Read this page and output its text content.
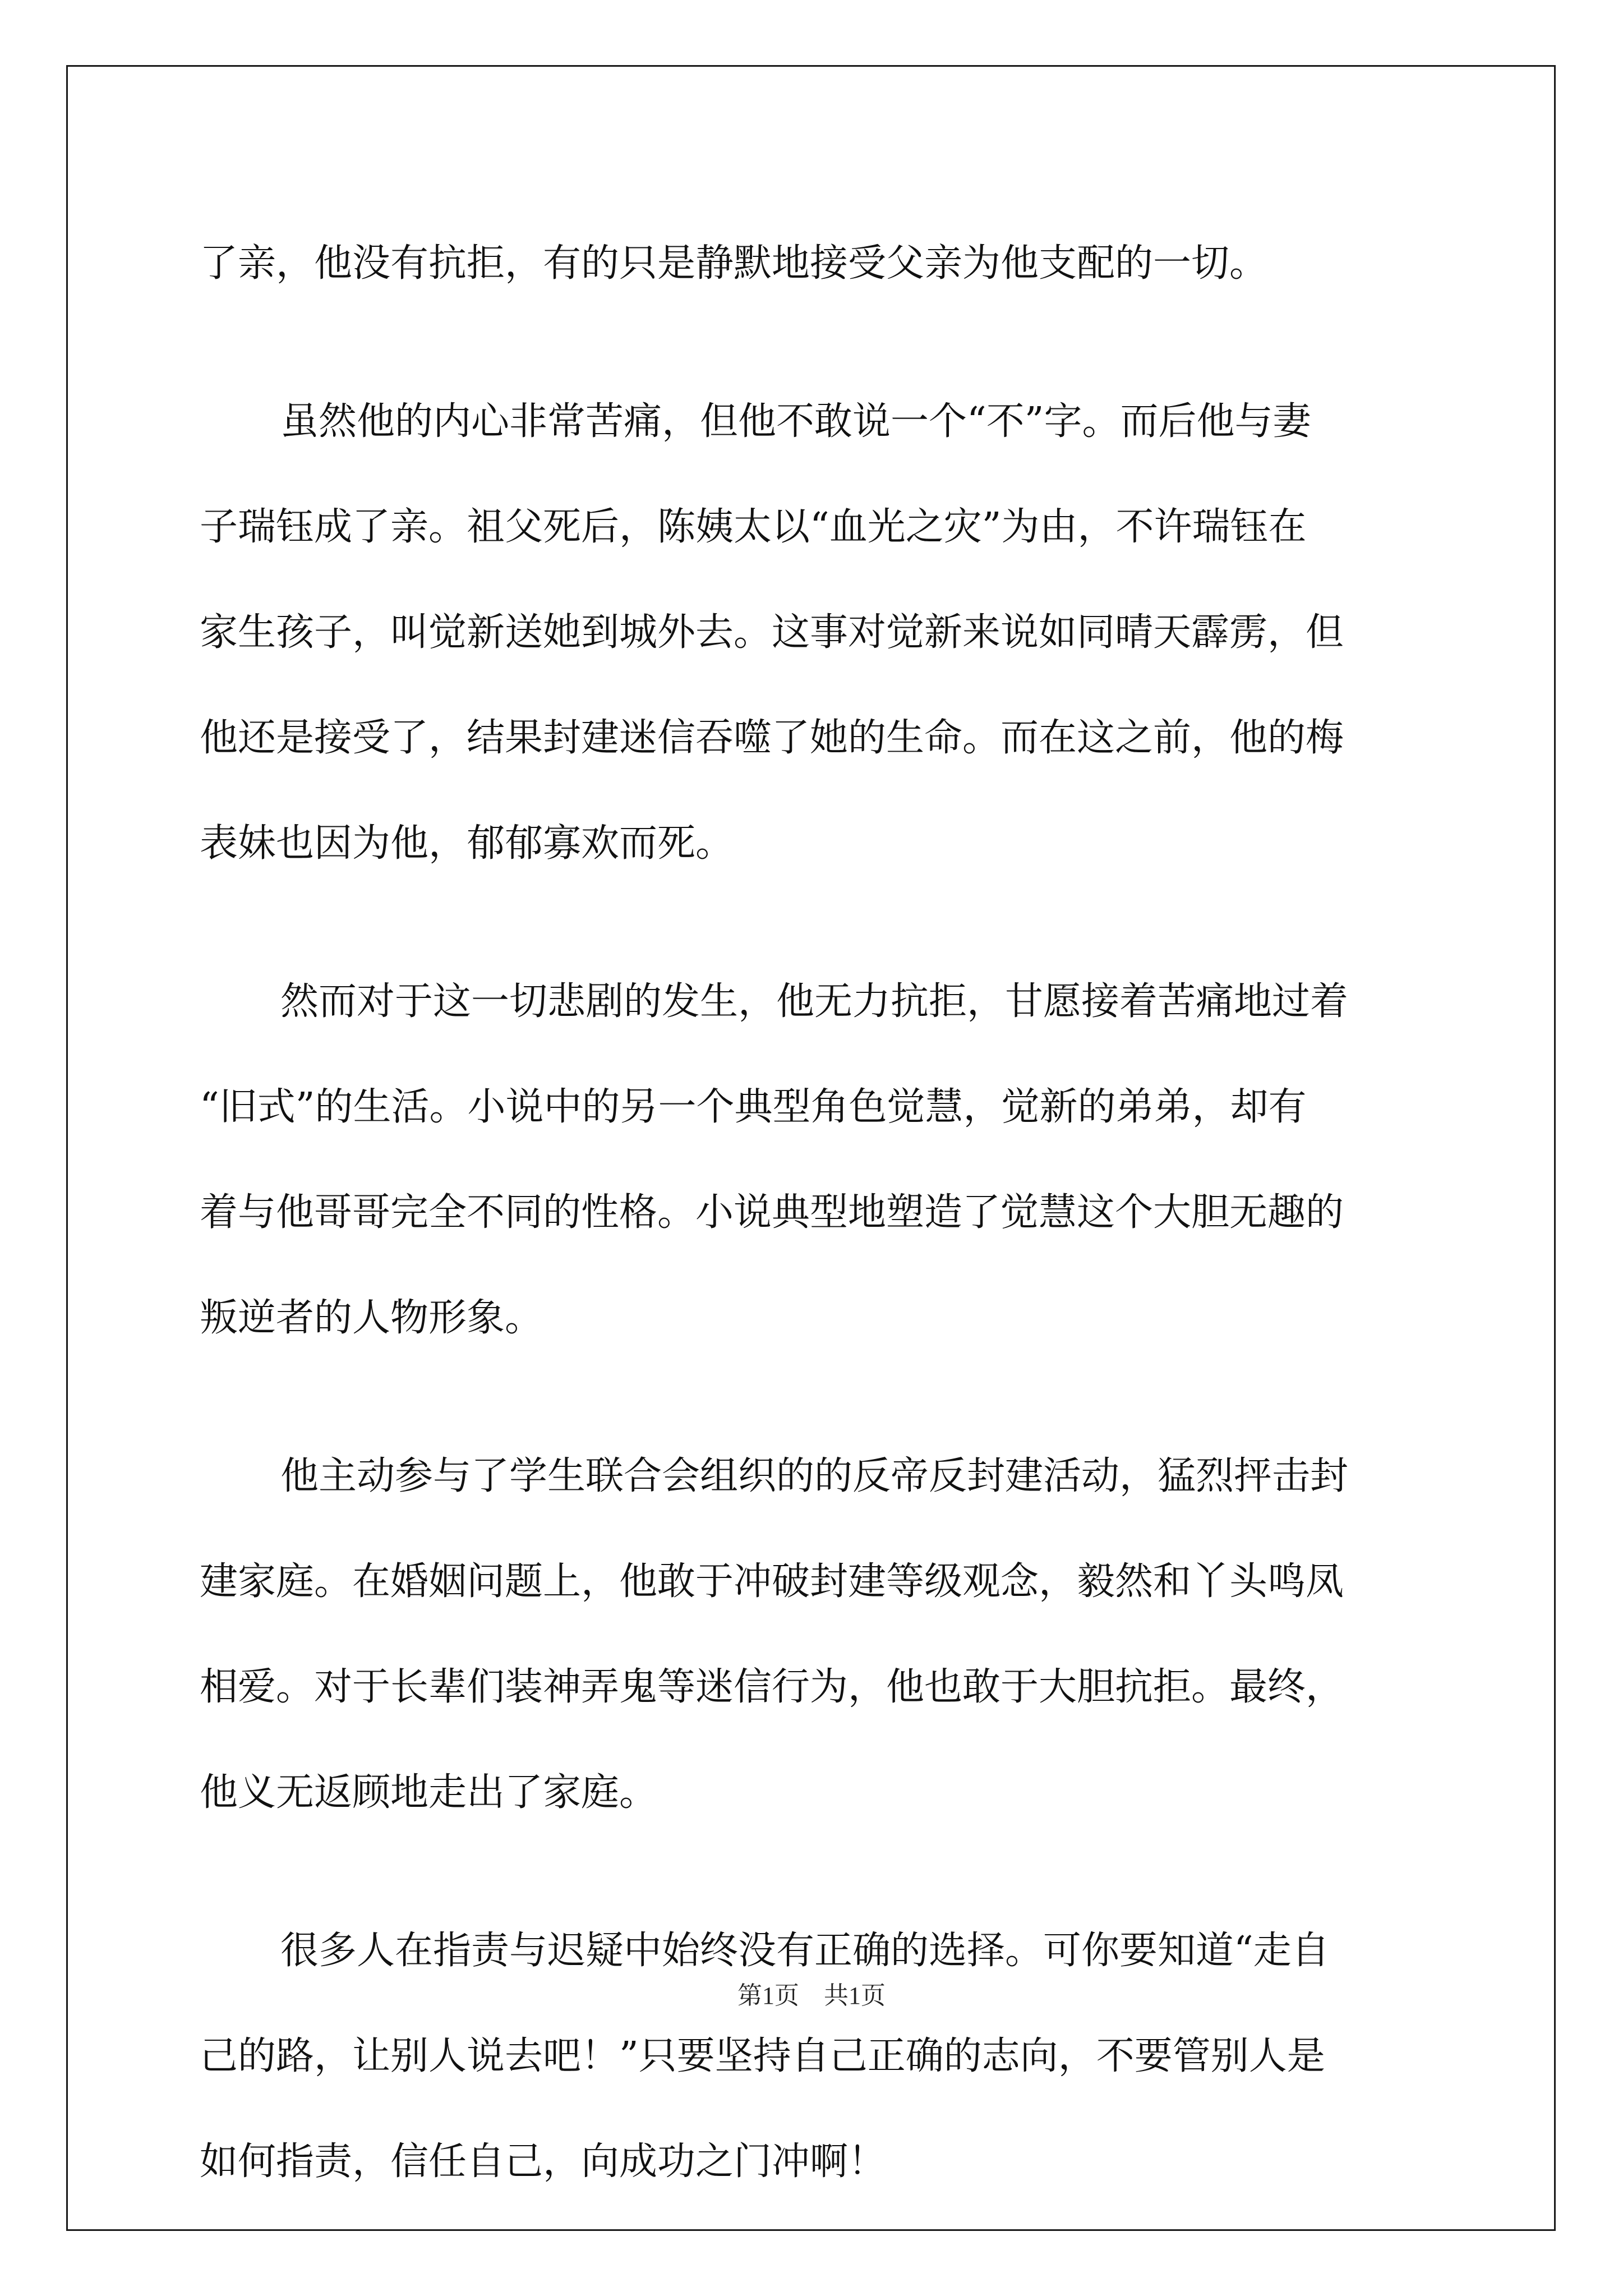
了亲，他没有抗拒，有的只是静默地接受父亲为他支配的一切。

虽然他的内心非常苦痛，但他不敢说一个“不”字。而后他与妻

子瑞钰成了亲。祖父死后，陈姨太以“血光之灾”为由，不许瑞钰在

家生孩子，叫觉新送她到城外去。这事对觉新来说如同晴天霹雳，但

他还是接受了，结果封建迷信吞噬了她的生命。而在这之前，他的梅

表妹也因为他，郁郁寡欢而死。

然而对于这一切悲剧的发生，他无力抗拒，甘愿接着苦痛地过着

“旧式”的生活。小说中的另一个典型角色觉慧，觉新的弟弟，却有

着与他哥哥完全不同的性格。小说典型地塑造了觉慧这个大胆无趣的

叛逆者的人物形象。

他主动参与了学生联合会组织的的反帝反封建活动，猛烈抨击封

建家庭。在婚姻问题上，他敢于冲破封建等级观念，毅然和丫头鸣凤

相爱。对于长辈们装神弄鬼等迷信行为，他也敢于大胆抗拒。最终，

他义无返顾地走出了家庭。

很多人在指责与迟疑中始终没有正确的选择。可你要知道“走自

己的路，让别人说去吧！”只要坚持自己正确的志向，不要管别人是

如何指责，信任自己，向成功之门冲啊！

第1页 共1页
